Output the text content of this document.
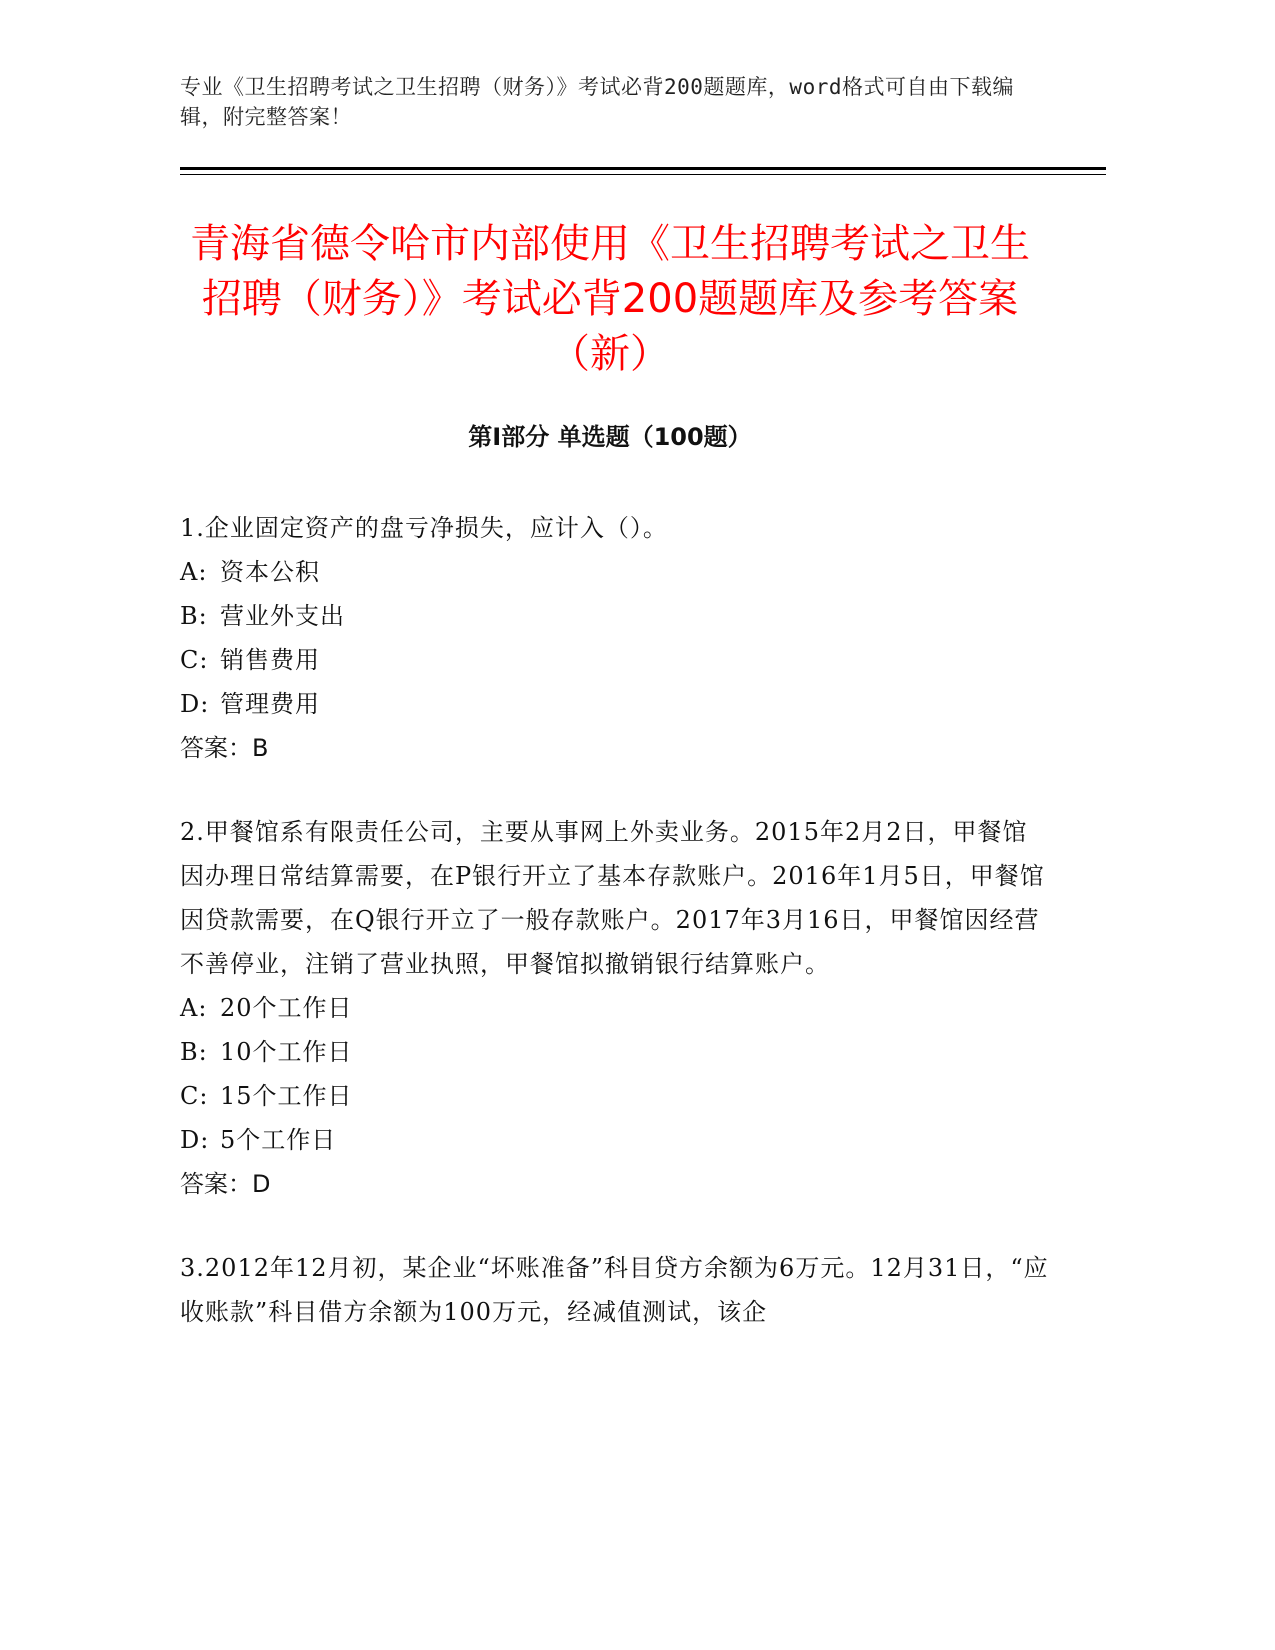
专业《卫生招聘考试之卫生招聘（财务）》考试必背200题题库，word格式可自由下载编辑，附完整答案！
青海省德令哈市内部使用《卫生招聘考试之卫生招聘（财务）》考试必背200题题库及参考答案（新）
第I部分 单选题（100题）
1.企业固定资产的盘亏净损失，应计入（）。
A: 资本公积
B: 营业外支出
C: 销售费用
D: 管理费用
答案：B
2.甲餐馆系有限责任公司，主要从事网上外卖业务。2015年2月2日，甲餐馆因办理日常结算需要，在P银行开立了基本存款账户。2016年1月5日，甲餐馆因贷款需要，在Q银行开立了一般存款账户。2017年3月16日，甲餐馆因经营不善停业，注销了营业执照，甲餐馆拟撤销银行结算账户。
A: 20个工作日
B: 10个工作日
C: 15个工作日
D: 5个工作日
答案：D
3.2012年12月初，某企业“坏账准备”科目贷方余额为6万元。12月31日，“应收账款”科目借方余额为100万元，经减值测试，该企
